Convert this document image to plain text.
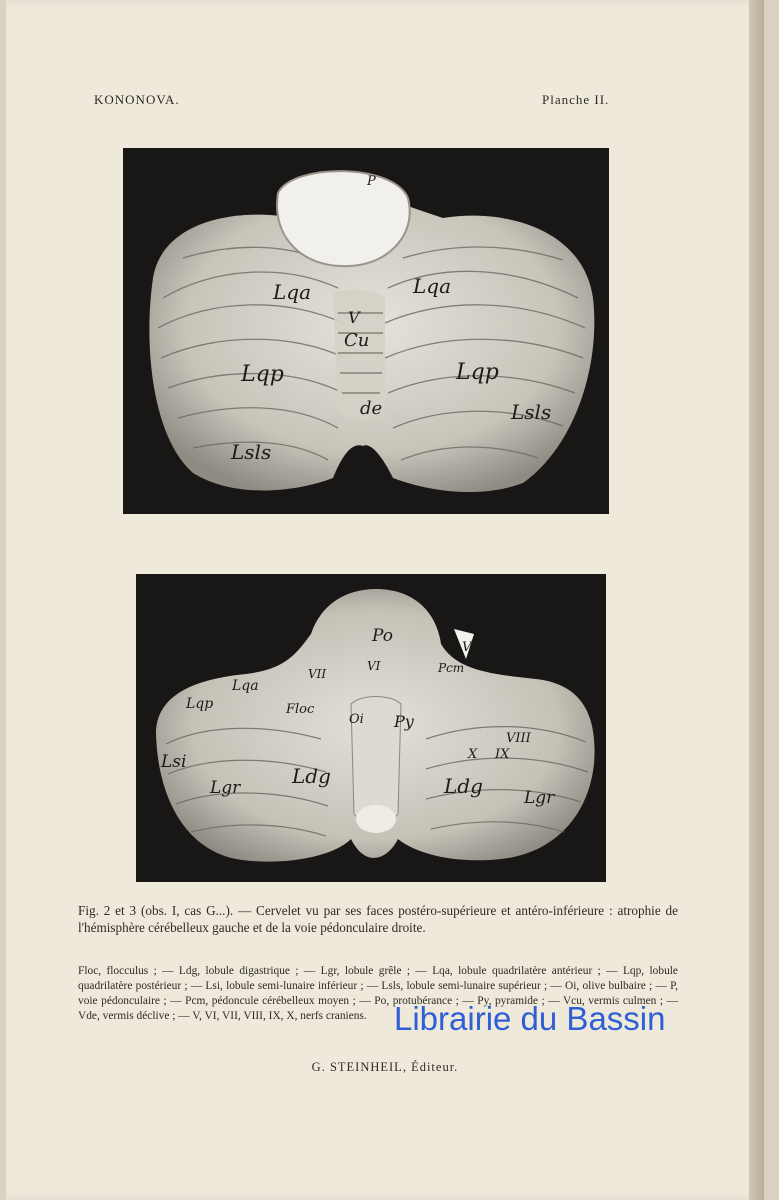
KONONOVA.	Planche II.
P
Lqa	Lqa
V
Cu
Lqp	Lqp
de	Lsls
Lsls
Po
V
VII
VI	Pcm
Lqa
Lqp	Floc
Oi Py
VIII
X IX
Lsi
Lgr	Ldg	Ldg Lgr
Fig. 2 et 3 (obs. I, cas G...). — Cervelet vu par ses faces postéro-supérieure et antéro-inférieure : atrophie de l'hémisphère cérébelleux gauche et de la voie pédonculaire droite.
Floc, flocculus ; — Ldg, lobule digastrique ; — Lgr, lobule grêle ; — Lqa, lobule quadrilatère antérieur ; — Lqp, lobule quadrilatère postérieur ; — Lsi, lobule semi-lunaire inférieur ; — Lsls, lobule semi-lunaire supérieur ; — Oi, olive bulbaire ; — P, voie pédonculaire ; — Pcm, pédoncule cérébelleux moyen ; — Po, protubérance ; — Py, pyramide ; — Vcu, vermis culmen ; — Vde, vermis déclive ; — V, VI, VII, VIII, IX, X, nerfs craniens.
G. STEINHEIL, Éditeur.
Librairie du Bassin
